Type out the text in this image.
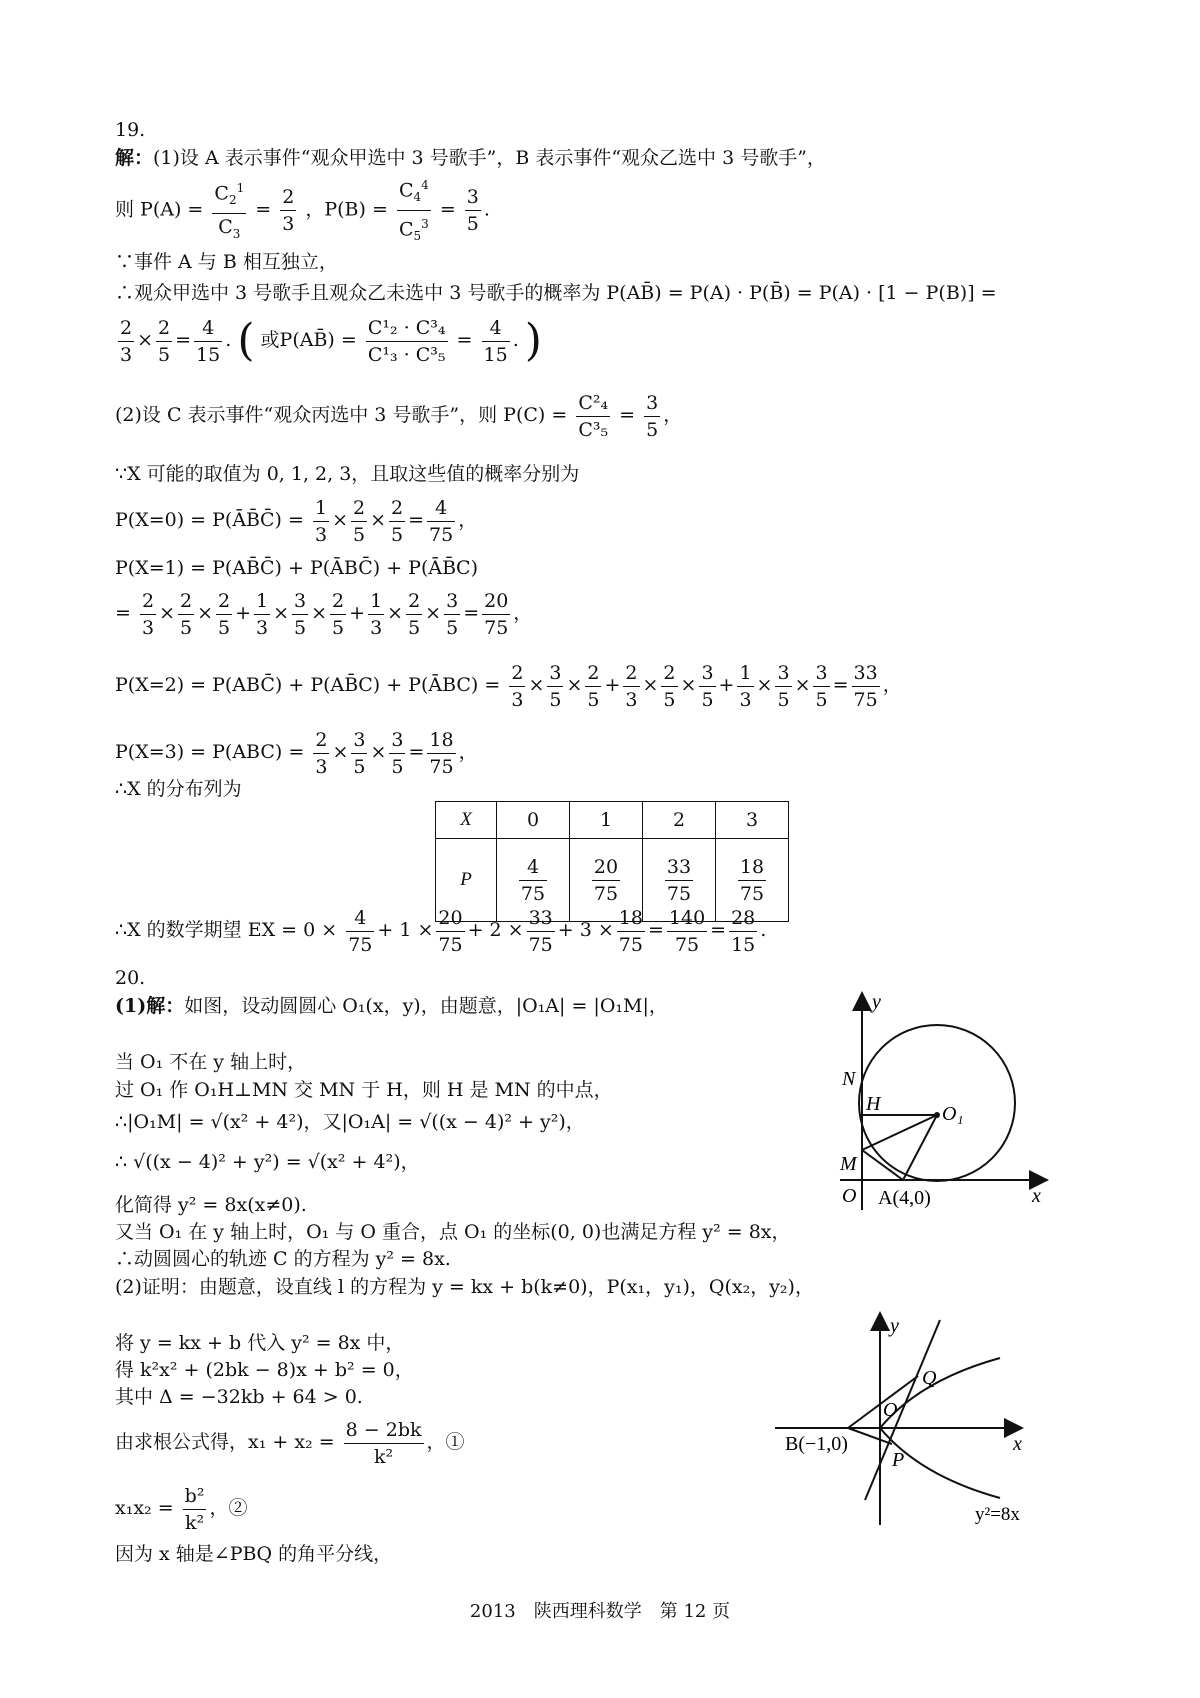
19.
解：(1)设 A 表示事件“观众甲选中 3 号歌手”，B 表示事件“观众乙选中 3 号歌手”，
则 $P(A) = \frac{C_2^1}{C_3} = \frac{2}{3}$ ，$P(B) = \frac{C_4^4}{C_5^3} = \frac{3}{5}$ .
∵事件 A 与 B 相互独立，
∴观众甲选中 3 号歌手且观众乙未选中 3 号歌手的概率为 P(AB̄) = P(A) · P(B̄) = P(A) · [1 − P(B)] =
$\frac{2}{3} \times \frac{2}{5} = \frac{4}{15}$ . ( 或P(AB̄) = $\frac{\text{C¹₂ · C³₄}}{\text{C¹₃ · C³₅}} = \frac{4}{15}$ . )
(2)设 C 表示事件“观众丙选中 3 号歌手”，则 $P(C) = \frac{\text{C²₄}}{\text{C³₅}} = \frac{3}{5}$ ，
∵X 可能的取值为 0, 1, 2, 3，且取这些值的概率分别为
P(X=0) = P(ĀB̄C̄) = $\frac{1}{3} \times \frac{2}{5} \times \frac{2}{5} = \frac{4}{75}$ ，
P(X=1) = P(AB̄C̄) + P(ĀBC̄) + P(ĀB̄C)
= $\frac{2}{3} \times \frac{2}{5} \times \frac{2}{5} + \frac{1}{3} \times \frac{3}{5} \times \frac{2}{5} + \frac{1}{3} \times \frac{2}{5} \times \frac{3}{5} = \frac{20}{75}$ ，
P(X=2) = P(ABC̄) + P(AB̄C) + P(ĀBC) = $\frac{2}{3} \times \frac{3}{5} \times \frac{2}{5} + \frac{2}{3} \times \frac{2}{5} \times \frac{3}{5} + \frac{1}{3} \times \frac{3}{5} \times \frac{3}{5} = \frac{33}{75}$ ，
$P(X=3) = P(ABC) = \frac{2}{3} \times \frac{3}{5} \times \frac{3}{5} = \frac{18}{75}$ ，
∴X 的分布列为
X	0	1	2	3
P	$\frac{4}{75}$	$\frac{20}{75}$	$\frac{33}{75}$	$\frac{18}{75}$
∴X 的数学期望 EX = $0 \times \frac{4}{75} + 1 \times \frac{20}{75} + 2 \times \frac{33}{75} + 3 \times \frac{18}{75} = \frac{140}{75} = \frac{28}{15}$ .
20.
(1)解：如图，设动圆圆心 O₁(x，y)，由题意，|O₁A| = |O₁M|，
当 O₁ 不在 y 轴上时，
过 O₁ 作 O₁H⊥MN 交 MN 于 H，则 H 是 MN 的中点，
∴|O₁M| = √(x² + 4²)，又|O₁A| = √((x − 4)² + y²)，
∴ √((x − 4)² + y²) = √(x² + 4²)，
化简得 y² = 8x(x≠0).
又当 O₁ 在 y 轴上时，O₁ 与 O 重合，点 O₁ 的坐标(0, 0)也满足方程 y² = 8x，
∴动圆圆心的轨迹 C 的方程为 y² = 8x.
(2)证明：由题意，设直线 l 的方程为 y = kx + b(k≠0)，P(x₁，y₁)，Q(x₂，y₂)，
将 y = kx + b 代入 y² = 8x 中，
得 k²x² + (2bk − 8)x + b² = 0，
其中 Δ = −32kb + 64 > 0.
由求根公式得，$x_1 + x_2 = \frac{8 - 2bk}{\text{k²}}$ ，①
$x_1x_2 = \frac{\text{b²}}{\text{k²}}$ ，②
因为 x 轴是∠PBQ 的角平分线，
y
x
N
H	O₁
M
O A(4,0)
y
x
Q
O
P
B(−1,0)
y²=8x
2013　陕西理科数学　第 12 页
